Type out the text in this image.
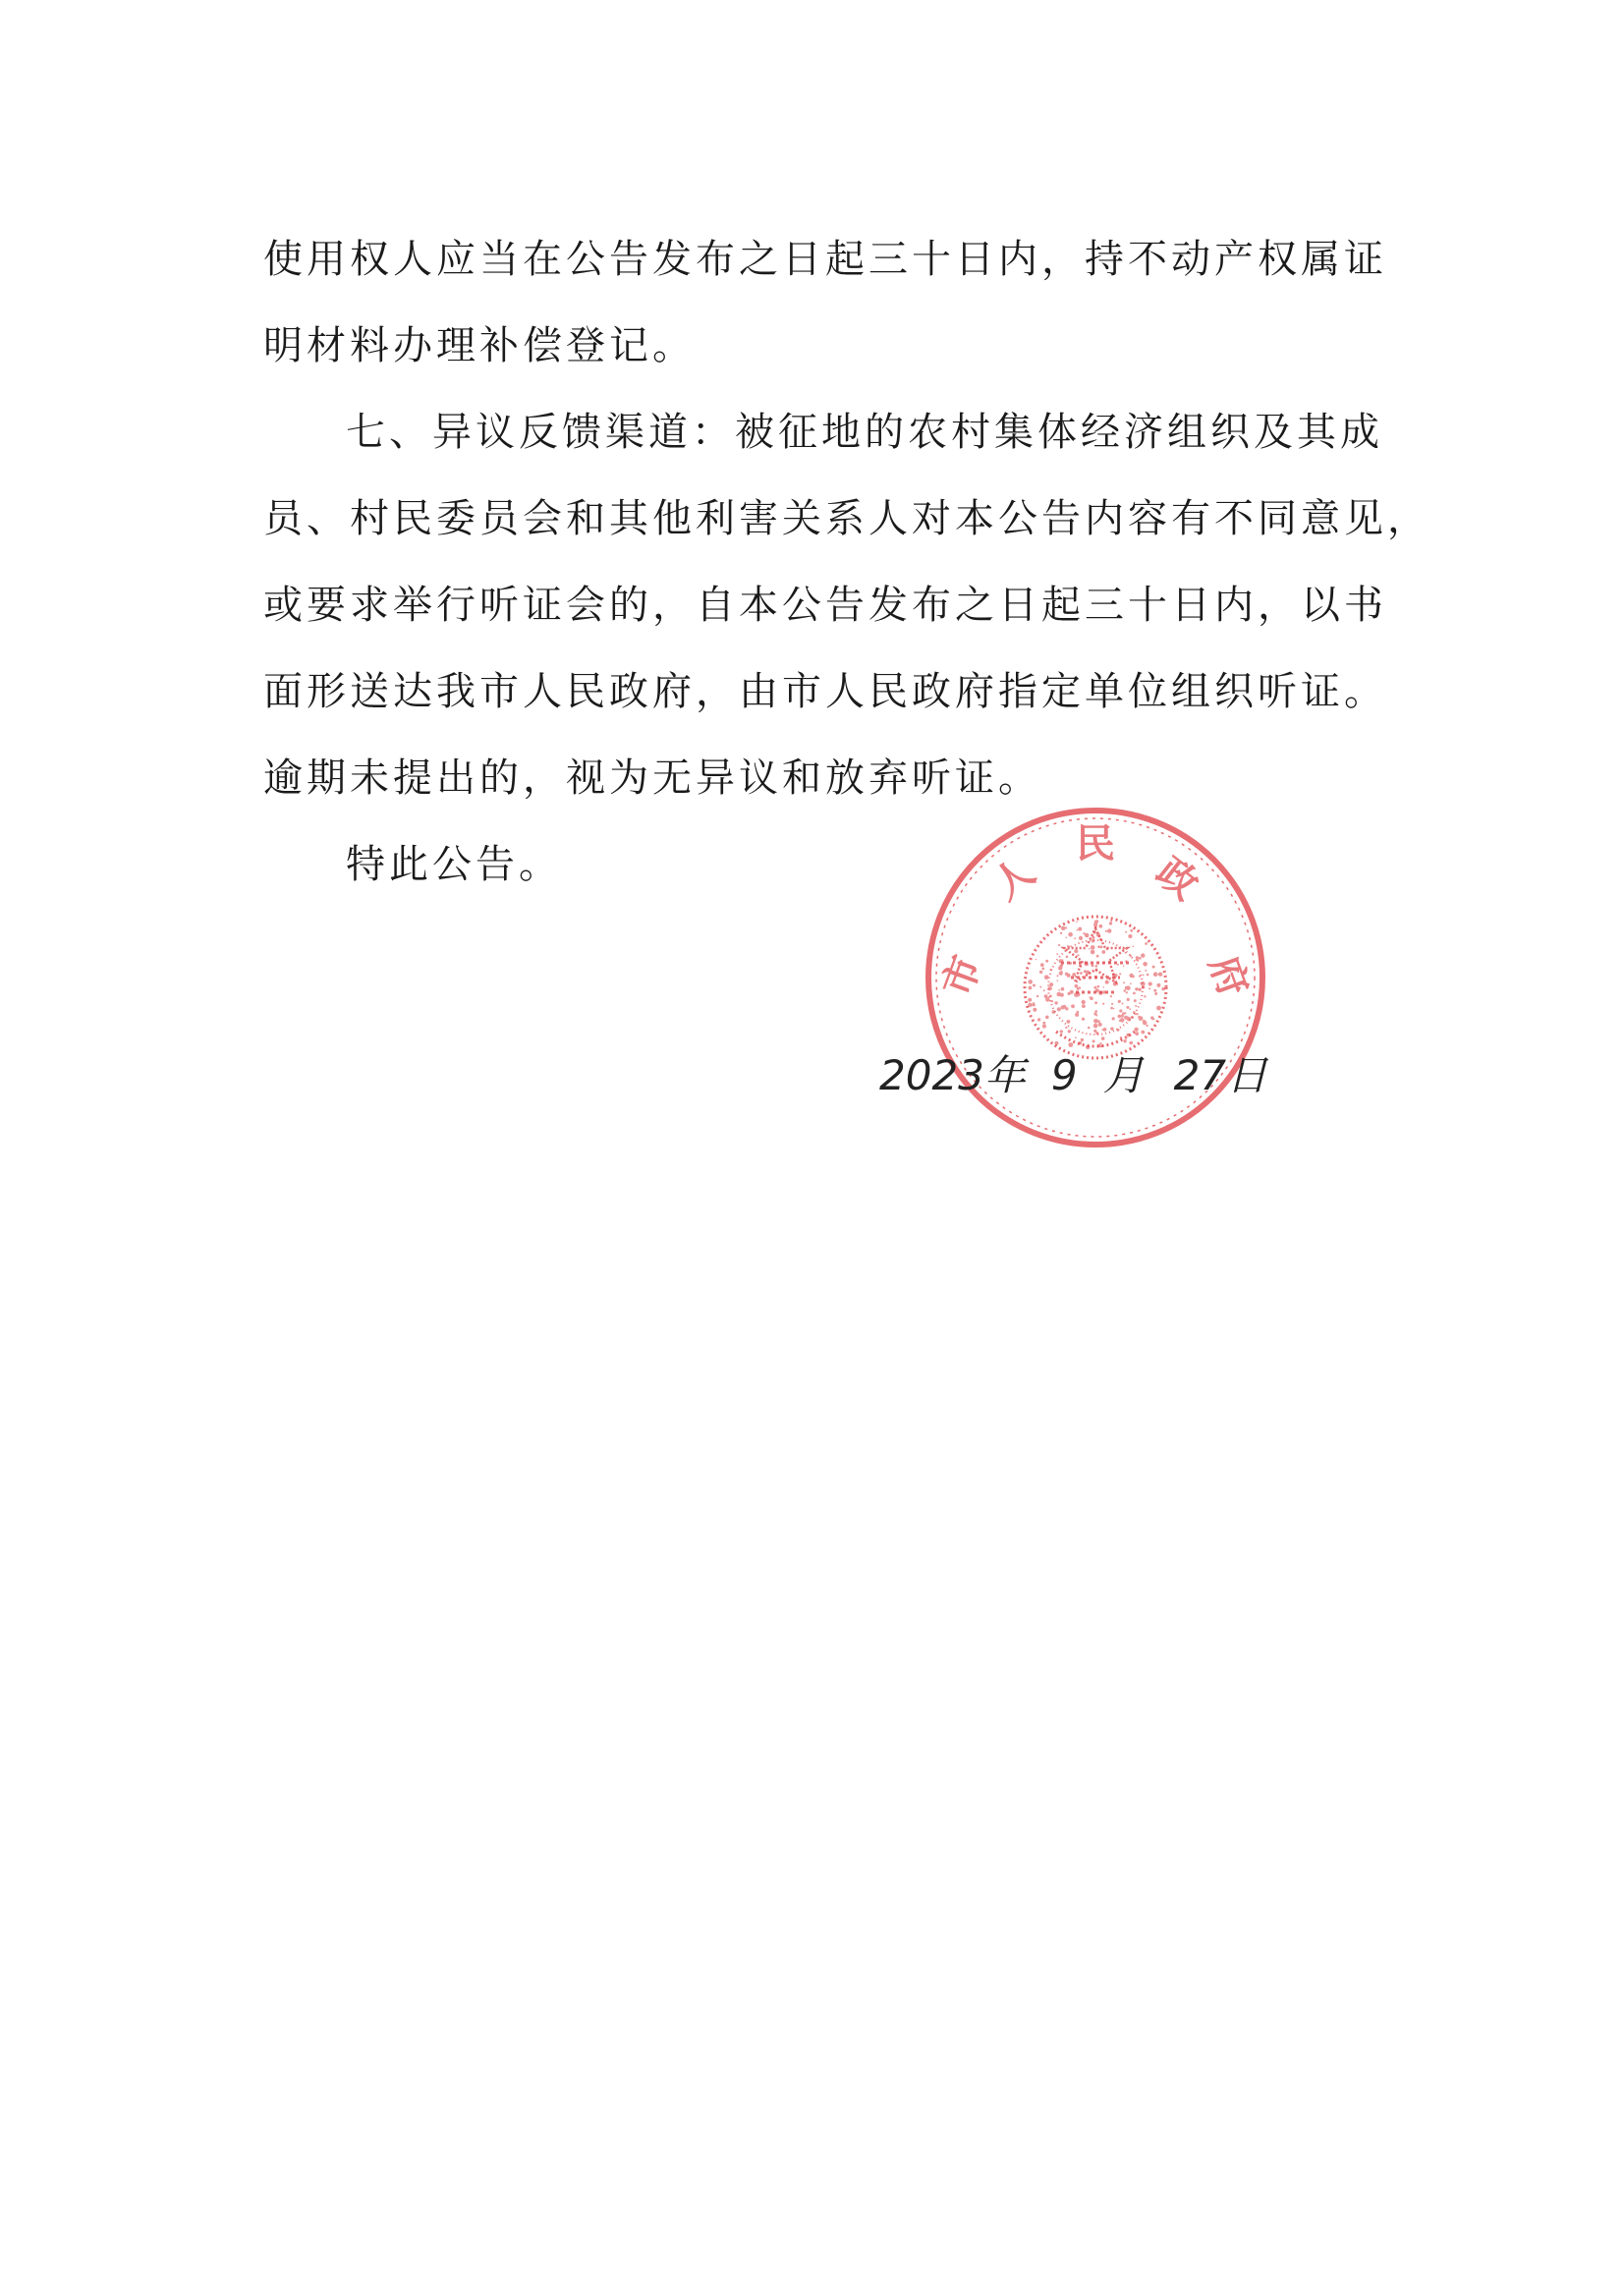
使用权人应当在公告发布之日起三十日内，持不动产权属证
明材料办理补偿登记。
七、异议反馈渠道：被征地的农村集体经济组织及其成
员、村民委员会和其他利害关系人对本公告内容有不同意见，
或要求举行听证会的，自本公告发布之日起三十日内，以书
面形送达我市人民政府，由市人民政府指定单位组织听证。
逾期未提出的，视为无异议和放弃听证。
特此公告。
市
人
民
政
府
2023年 9 月 27日
